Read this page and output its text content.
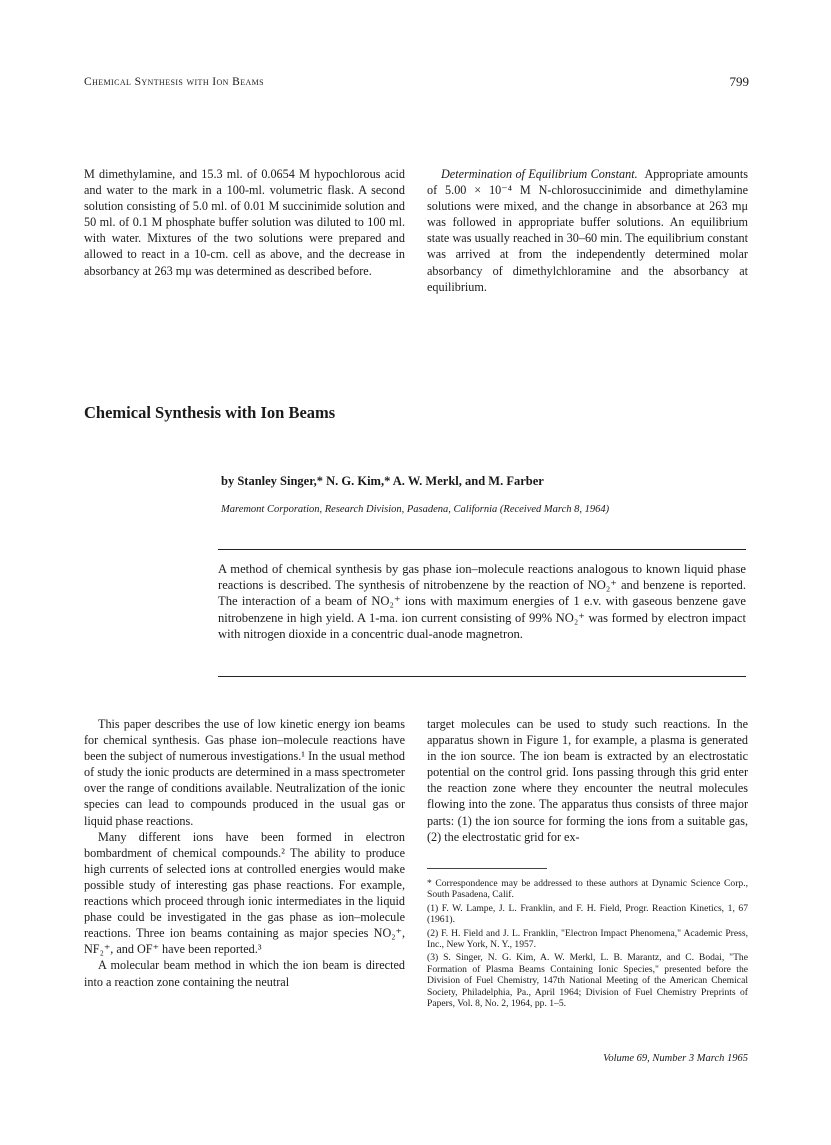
Chemical Synthesis with Ion Beams	799

M dimethylamine, and 15.3 ml. of 0.0654 M hypochlorous acid and water to the mark in a 100-ml. volumetric flask. A second solution consisting of 5.0 ml. of 0.01 M succinimide solution and 50 ml. of 0.1 M phosphate buffer solution was diluted to 100 ml. with water. Mixtures of the two solutions were prepared and allowed to react in a 10-cm. cell as above, and the decrease in absorbancy at 263 mμ was determined as described before.

Determination of Equilibrium Constant. Appropriate amounts of 5.00 × 10⁻⁴ M N-chlorosuccinimide and dimethylamine solutions were mixed, and the change in absorbance at 263 mμ was followed in appropriate buffer solutions. An equilibrium state was usually reached in 30–60 min. The equilibrium constant was arrived at from the independently determined molar absorbancy of dimethylchloramine and the absorbancy at equilibrium.

Chemical Synthesis with Ion Beams
by Stanley Singer,* N. G. Kim,* A. W. Merkl, and M. Farber
Maremont Corporation, Research Division, Pasadena, California (Received March 8, 1964)
A method of chemical synthesis by gas phase ion–molecule reactions analogous to known liquid phase reactions is described. The synthesis of nitrobenzene by the reaction of NO₂⁺ and benzene is reported. The interaction of a beam of NO₂⁺ ions with maximum energies of 1 e.v. with gaseous benzene gave nitrobenzene in high yield. A 1-ma. ion current consisting of 99% NO₂⁺ was formed by electron impact with nitrogen dioxide in a concentric dual-anode magnetron.

This paper describes the use of low kinetic energy ion beams for chemical synthesis. Gas phase ion–molecule reactions have been the subject of numerous investigations.¹ In the usual method of study the ionic products are determined in a mass spectrometer over the range of conditions available. Neutralization of the ionic species can lead to compounds produced in the usual gas or liquid phase reactions.

Many different ions have been formed in electron bombardment of chemical compounds.² The ability to produce high currents of selected ions at controlled energies would make possible study of interesting gas phase reactions. For example, reactions which proceed through ionic intermediates in the liquid phase could be investigated in the gas phase as ion–molecule reactions. Three ion beams containing as major species NO₂⁺, NF₂⁺, and OF⁺ have been reported.³

A molecular beam method in which the ion beam is directed into a reaction zone containing the neutral

target molecules can be used to study such reactions. In the apparatus shown in Figure 1, for example, a plasma is generated in the ion source. The ion beam is extracted by an electrostatic potential on the control grid. Ions passing through this grid enter the reaction zone where they encounter the neutral molecules flowing into the zone. The apparatus thus consists of three major parts: (1) the ion source for forming the ions from a suitable gas, (2) the electrostatic grid for ex-

* Correspondence may be addressed to these authors at Dynamic Science Corp., South Pasadena, Calif.

(1) F. W. Lampe, J. L. Franklin, and F. H. Field, Progr. Reaction Kinetics, 1, 67 (1961).

(2) F. H. Field and J. L. Franklin, "Electron Impact Phenomena," Academic Press, Inc., New York, N. Y., 1957.

(3) S. Singer, N. G. Kim, A. W. Merkl, L. B. Marantz, and C. Bodai, "The Formation of Plasma Beams Containing Ionic Species," presented before the Division of Fuel Chemistry, 147th National Meeting of the American Chemical Society, Philadelphia, Pa., April 1964; Division of Fuel Chemistry Preprints of Papers, Vol. 8, No. 2, 1964, pp. 1–5.

Volume 69, Number 3 March 1965
